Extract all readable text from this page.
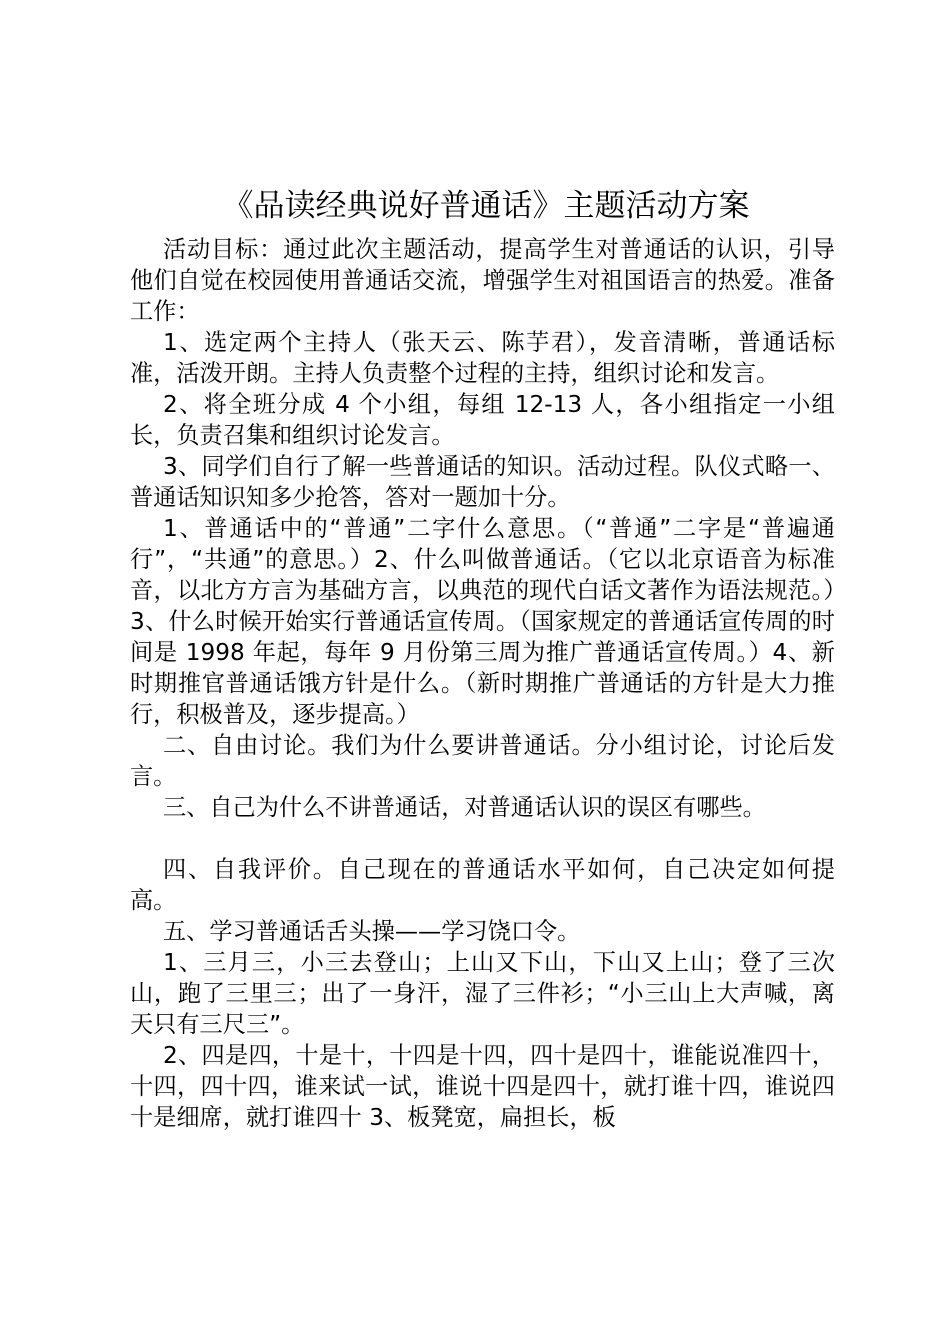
《品读经典说好普通话》主题活动方案

活动目标：通过此次主题活动，提高学生对普通话的认识，引导他们自觉在校园使用普通话交流，增强学生对祖国语言的热爱。准备工作：

1、选定两个主持人（张天云、陈芋君），发音清晰，普通话标准，活泼开朗。主持人负责整个过程的主持，组织讨论和发言。

2、将全班分成 4 个小组，每组 12-13 人，各小组指定一小组长，负责召集和组织讨论发言。

3、同学们自行了解一些普通话的知识。活动过程。队仪式略一、普通话知识知多少抢答，答对一题加十分。

1、普通话中的“普通”二字什么意思。（“普通”二字是“普遍通行”，“共通”的意思。）2、什么叫做普通话。（它以北京语音为标准音，以北方方言为基础方言，以典范的现代白话文著作为语法规范。）3、什么时候开始实行普通话宣传周。（国家规定的普通话宣传周的时间是 1998 年起，每年 9 月份第三周为推广普通话宣传周。）4、新时期推官普通话饿方针是什么。（新时期推广普通话的方针是大力推行，积极普及，逐步提高。）

二、自由讨论。我们为什么要讲普通话。分小组讨论，讨论后发言。

三、自己为什么不讲普通话，对普通话认识的误区有哪些。

四、自我评价。自己现在的普通话水平如何，自己决定如何提高。

五、学习普通话舌头操——学习饶口令。

1、三月三，小三去登山；上山又下山，下山又上山；登了三次山，跑了三里三；出了一身汗，湿了三件衫；“小三山上大声喊，离天只有三尺三”。

2、四是四，十是十，十四是十四，四十是四十，谁能说准四十，十四，四十四，谁来试一试，谁说十四是四十，就打谁十四，谁说四十是细席，就打谁四十 3、板凳宽，扁担长，板
